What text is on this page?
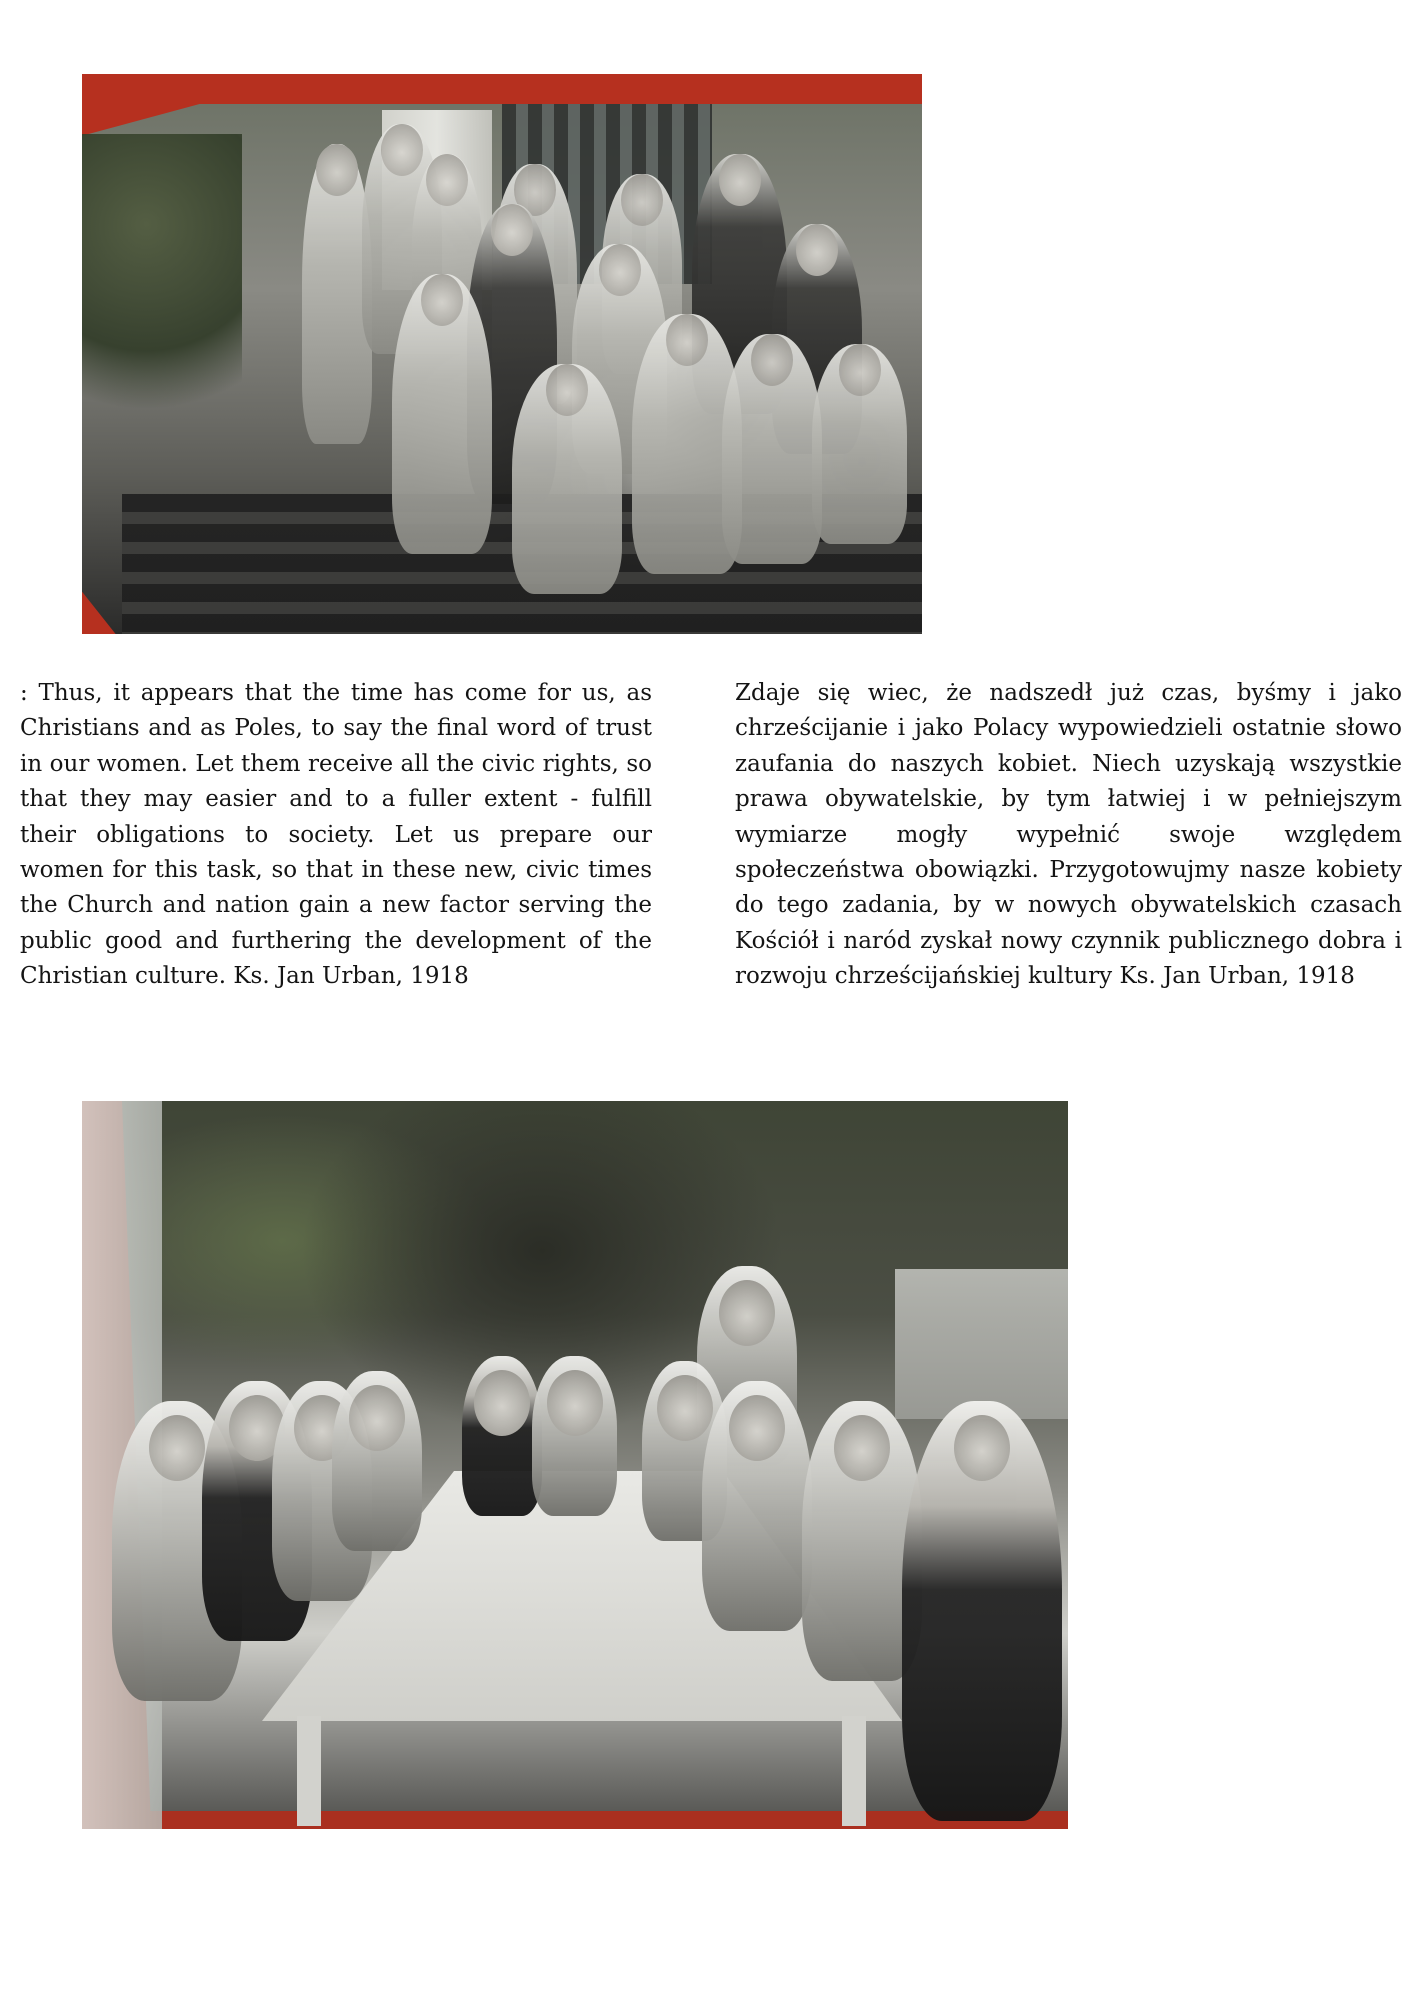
: Thus, it appears that the time has come for us, as Christians and as Poles, to say the final word of trust in our women. Let them receive all the civic rights, so that they may easier and to a fuller extent - fulfill their obligations to society. Let us prepare our women for this task, so that in these new, civic times the Church and nation gain a new factor serving the public good and furthering the development of the Christian culture. Ks. Jan Urban, 1918

Zdaje się wiec, że nadszedł już czas, byśmy i jako chrześcijanie i jako Polacy wypowiedzieli ostatnie słowo zaufania do naszych kobiet. Niech uzyskają wszystkie prawa obywatelskie, by tym łatwiej i w pełniejszym wymiarze mogły wypełnić swoje względem społeczeństwa obowiązki. Przygotowujmy nasze kobiety do tego zadania, by w nowych obywatelskich czasach Kościół i naród zyskał nowy czynnik publicznego dobra i rozwoju chrześcijańskiej kultury Ks. Jan Urban, 1918
